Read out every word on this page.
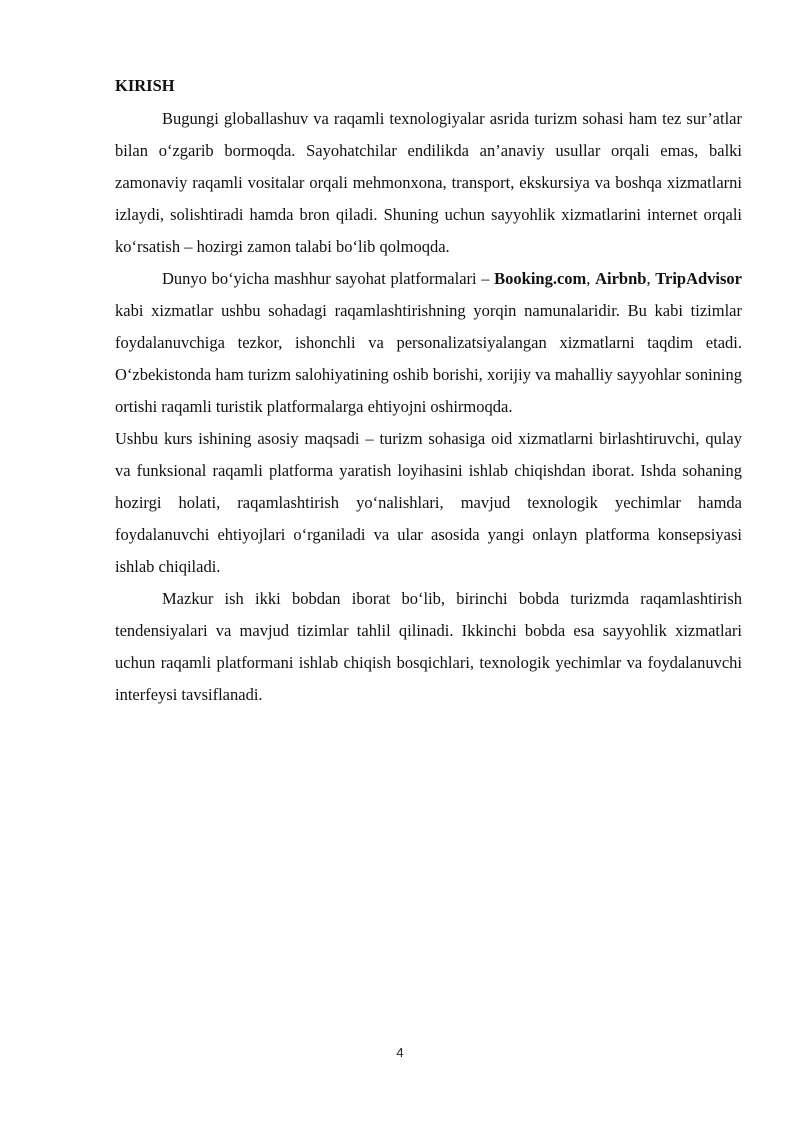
KIRISH

Bugungi globallashuv va raqamli texnologiyalar asrida turizm sohasi ham tez sur’atlar bilan o‘zgarib bormoqda. Sayohatchilar endilikda an’anaviy usullar orqali emas, balki zamonaviy raqamli vositalar orqali mehmonxona, transport, ekskursiya va boshqa xizmatlarni izlaydi, solishtiradi hamda bron qiladi. Shuning uchun sayyohlik xizmatlarini internet orqali ko‘rsatish – hozirgi zamon talabi bo‘lib qolmoqda.

Dunyo bo‘yicha mashhur sayohat platformalari – Booking.com, Airbnb, TripAdvisor kabi xizmatlar ushbu sohadagi raqamlashtirishning yorqin namunalaridir. Bu kabi tizimlar foydalanuvchiga tezkor, ishonchli va personalizatsiyalangan xizmatlarni taqdim etadi. O‘zbekistonda ham turizm salohiyatining oshib borishi, xorijiy va mahalliy sayyohlar sonining ortishi raqamli turistik platformalarga ehtiyojni oshirmoqda.

Ushbu kurs ishining asosiy maqsadi – turizm sohasiga oid xizmatlarni birlashtiruvchi, qulay va funksional raqamli platforma yaratish loyihasini ishlab chiqishdan iborat. Ishda sohaning hozirgi holati, raqamlashtirish yo‘nalishlari, mavjud texnologik yechimlar hamda foydalanuvchi ehtiyojlari o‘rganiladi va ular asosida yangi onlayn platforma konsepsiyasi ishlab chiqiladi.

Mazkur ish ikki bobdan iborat bo‘lib, birinchi bobda turizmda raqamlashtirish tendensiyalari va mavjud tizimlar tahlil qilinadi. Ikkinchi bobda esa sayyohlik xizmatlari uchun raqamli platformani ishlab chiqish bosqichlari, texnologik yechimlar va foydalanuvchi interfeysi tavsiflanadi.

4
